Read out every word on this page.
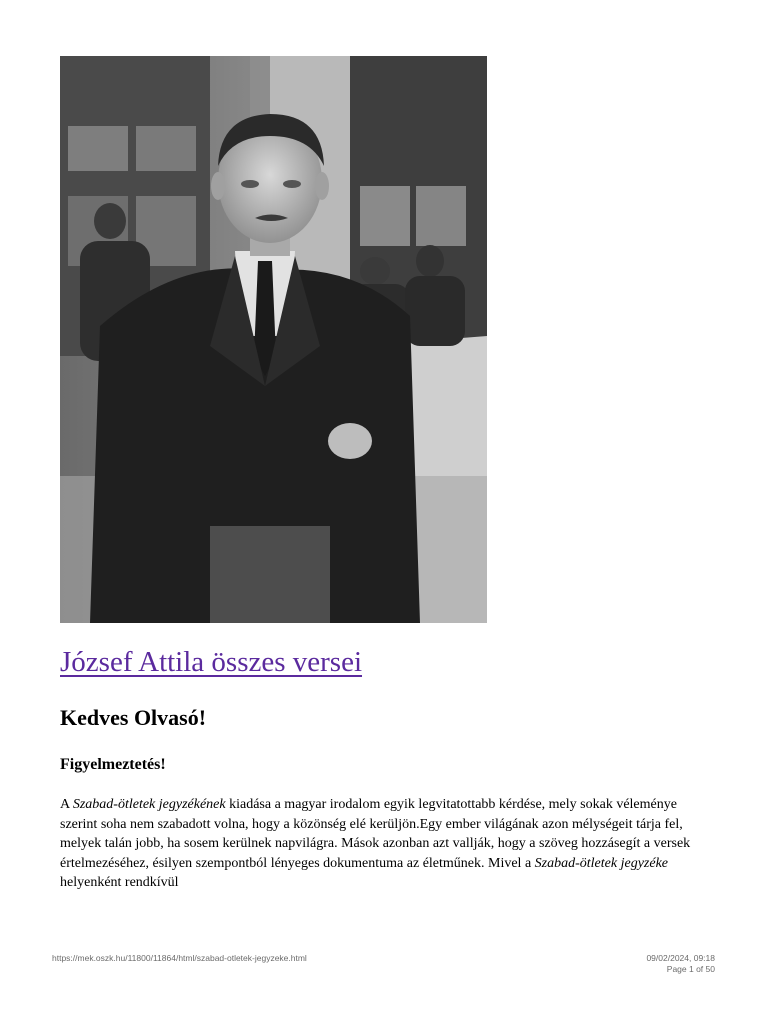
József Attila összes versei
Kedves Olvasó!
Figyelmeztetés!

A Szabad-ötletek jegyzékének kiadása a magyar irodalom egyik legvitatottabb kérdése, mely sokak véleménye szerint soha nem szabadott volna, hogy a közönség elé kerüljön.Egy ember világának azon mélységeit tárja fel, melyek talán jobb, ha sosem kerülnek napvilágra. Mások azonban azt vallják, hogy a szöveg hozzásegít a versek értelmezéséhez, ésilyen szempontból lényeges dokumentuma az életműnek. Mivel a Szabad-ötletek jegyzéke helyenként rendkívül

https://mek.oszk.hu/11800/11864/html/szabad-otletek-jegyzeke.html	09/02/2024, 09:18
Page 1 of 50
